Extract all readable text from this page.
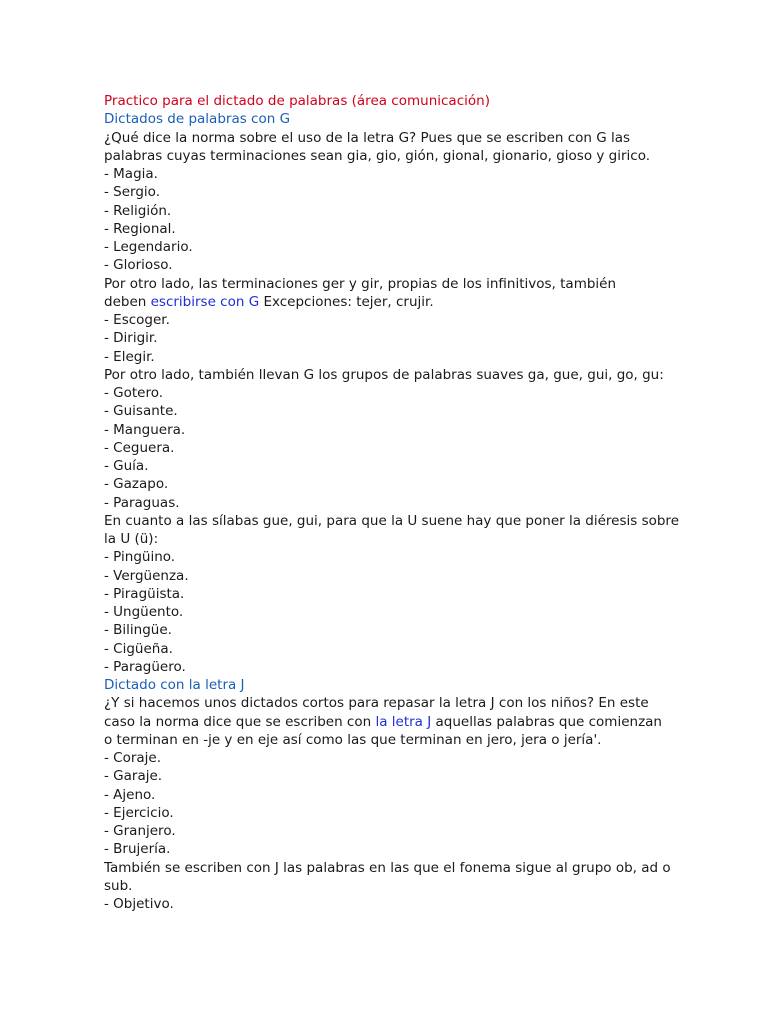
Practico para el dictado de palabras (área comunicación)
Dictados de palabras con G
¿Qué dice la norma sobre el uso de la letra G? Pues que se escriben con G las
palabras cuyas terminaciones sean gia, gio, gión, gional, gionario, gioso y girico.
- Magia.
- Sergio.
- Religión.
- Regional.
- Legendario.
- Glorioso.
Por otro lado, las terminaciones ger y gir, propias de los infinitivos, también
deben escribirse con G Excepciones: tejer, crujir.
- Escoger.
- Dirigir.
- Elegir.
Por otro lado, también llevan G los grupos de palabras suaves ga, gue, gui, go, gu:
- Gotero.
- Guisante.
- Manguera.
- Ceguera.
- Guía.
- Gazapo.
- Paraguas.
En cuanto a las sílabas gue, gui, para que la U suene hay que poner la diéresis sobre
la U (ü):
- Pingüino.
- Vergüenza.
- Piragüista.
- Ungüento.
- Bilingüe.
- Cigüeña.
- Paragüero.
Dictado con la letra J
¿Y si hacemos unos dictados cortos para repasar la letra J con los niños? En este
caso la norma dice que se escriben con la letra J aquellas palabras que comienzan
o terminan en -je y en eje así como las que terminan en jero, jera o jería'.
- Coraje.
- Garaje.
- Ajeno.
- Ejercicio.
- Granjero.
- Brujería.
También se escriben con J las palabras en las que el fonema sigue al grupo ob, ad o
sub.
- Objetivo.
